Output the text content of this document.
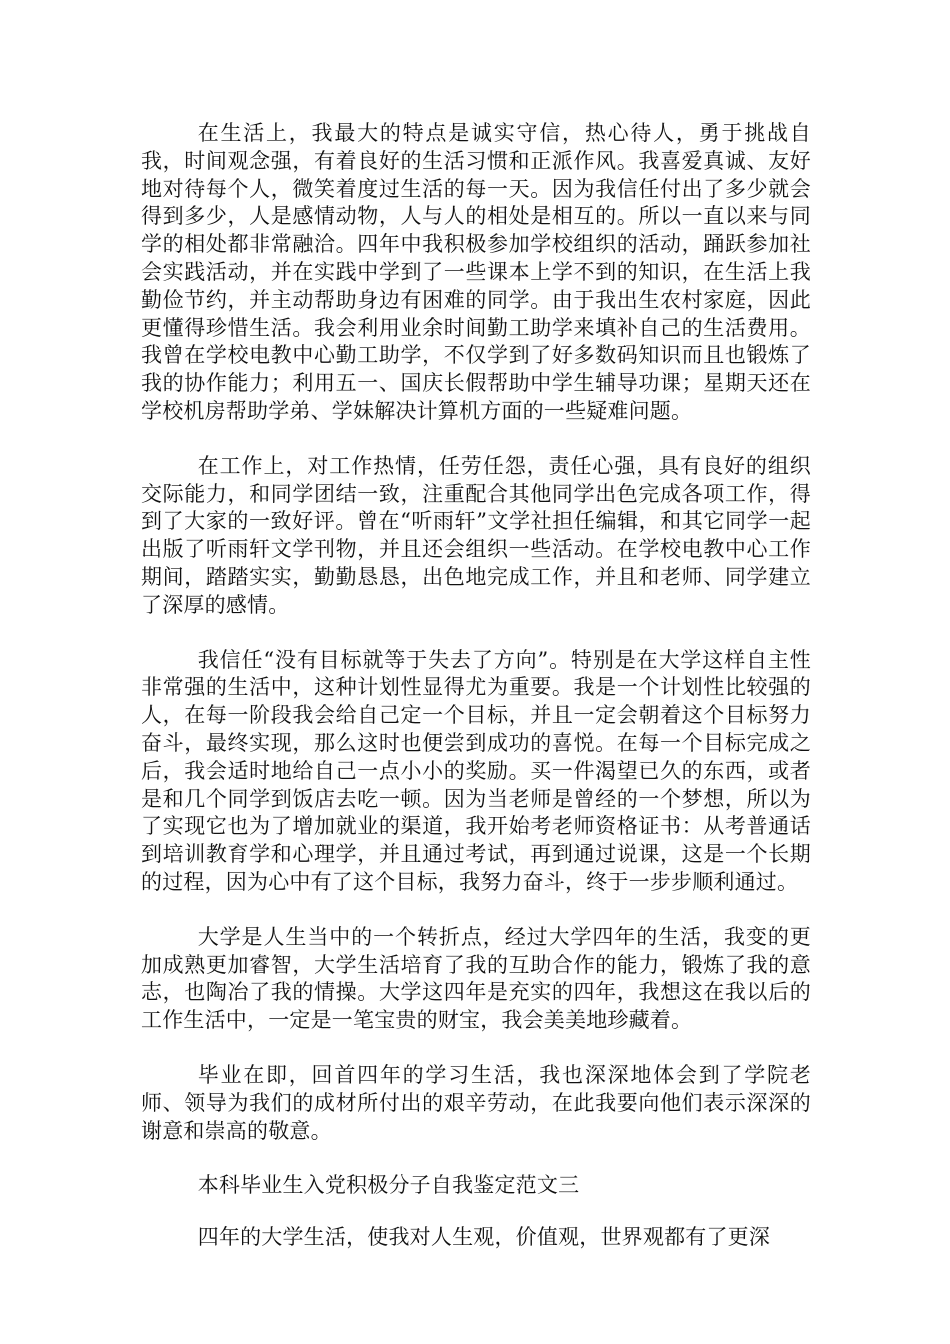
在生活上，我最大的特点是诚实守信，热心待人，勇于挑战自我，时间观念强，有着良好的生活习惯和正派作风。我喜爱真诚、友好地对待每个人，微笑着度过生活的每一天。因为我信任付出了多少就会得到多少，人是感情动物，人与人的相处是相互的。所以一直以来与同学的相处都非常融洽。四年中我积极参加学校组织的活动，踊跃参加社会实践活动，并在实践中学到了一些课本上学不到的知识，在生活上我勤俭节约，并主动帮助身边有困难的同学。由于我出生农村家庭，因此更懂得珍惜生活。我会利用业余时间勤工助学来填补自己的生活费用。我曾在学校电教中心勤工助学，不仅学到了好多数码知识而且也锻炼了我的协作能力；利用五一、国庆长假帮助中学生辅导功课；星期天还在学校机房帮助学弟、学妹解决计算机方面的一些疑难问题。

在工作上，对工作热情，任劳任怨，责任心强，具有良好的组织交际能力，和同学团结一致，注重配合其他同学出色完成各项工作，得到了大家的一致好评。曾在“听雨轩”文学社担任编辑，和其它同学一起出版了听雨轩文学刊物，并且还会组织一些活动。在学校电教中心工作期间，踏踏实实，勤勤恳恳，出色地完成工作，并且和老师、同学建立了深厚的感情。

我信任“没有目标就等于失去了方向”。特别是在大学这样自主性非常强的生活中，这种计划性显得尤为重要。我是一个计划性比较强的人，在每一阶段我会给自己定一个目标，并且一定会朝着这个目标努力奋斗，最终实现，那么这时也便尝到成功的喜悦。在每一个目标完成之后，我会适时地给自己一点小小的奖励。买一件渴望已久的东西，或者是和几个同学到饭店去吃一顿。因为当老师是曾经的一个梦想，所以为了实现它也为了增加就业的渠道，我开始考老师资格证书：从考普通话到培训教育学和心理学，并且通过考试，再到通过说课，这是一个长期的过程，因为心中有了这个目标，我努力奋斗，终于一步步顺利通过。

大学是人生当中的一个转折点，经过大学四年的生活，我变的更加成熟更加睿智，大学生活培育了我的互助合作的能力，锻炼了我的意志，也陶冶了我的情操。大学这四年是充实的四年，我想这在我以后的工作生活中，一定是一笔宝贵的财宝，我会美美地珍藏着。

毕业在即，回首四年的学习生活，我也深深地体会到了学院老师、领导为我们的成材所付出的艰辛劳动，在此我要向他们表示深深的谢意和崇高的敬意。

本科毕业生入党积极分子自我鉴定范文三

四年的大学生活，使我对人生观，价值观，世界观都有了更深
